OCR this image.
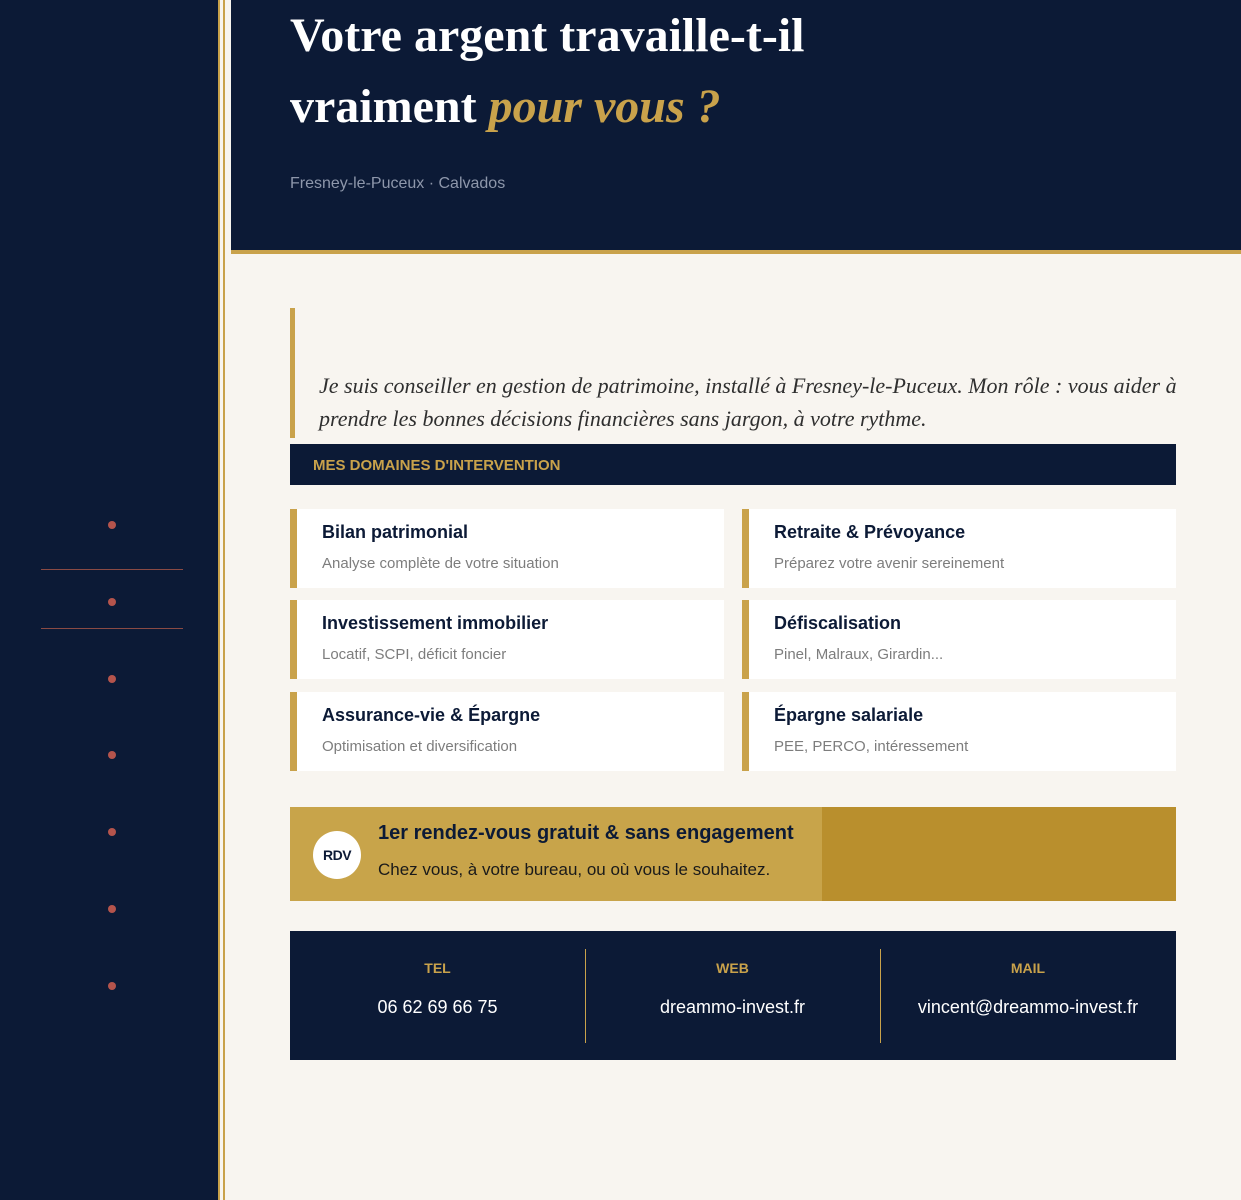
Votre argent travaille-t-il
vraiment pour vous ?
Fresney-le-Puceux · Calvados

Je suis conseiller en gestion de patrimoine, installé à Fresney-le-Puceux. Mon rôle : vous aider à prendre les bonnes décisions financières sans jargon, à votre rythme.

MES DOMAINES D'INTERVENTION
Bilan patrimonial
Analyse complète de votre situation
Retraite & Prévoyance
Préparez votre avenir sereinement
Investissement immobilier
Locatif, SCPI, déficit foncier
Défiscalisation
Pinel, Malraux, Girardin...
Assurance-vie & Épargne
Optimisation et diversification
Épargne salariale
PEE, PERCO, intéressement
RDV
1er rendez-vous gratuit & sans engagement
Chez vous, à votre bureau, ou où vous le souhaitez.
TEL
06 62 69 66 75
WEB
dreammo-invest.fr
MAIL
vincent@dreammo-invest.fr
